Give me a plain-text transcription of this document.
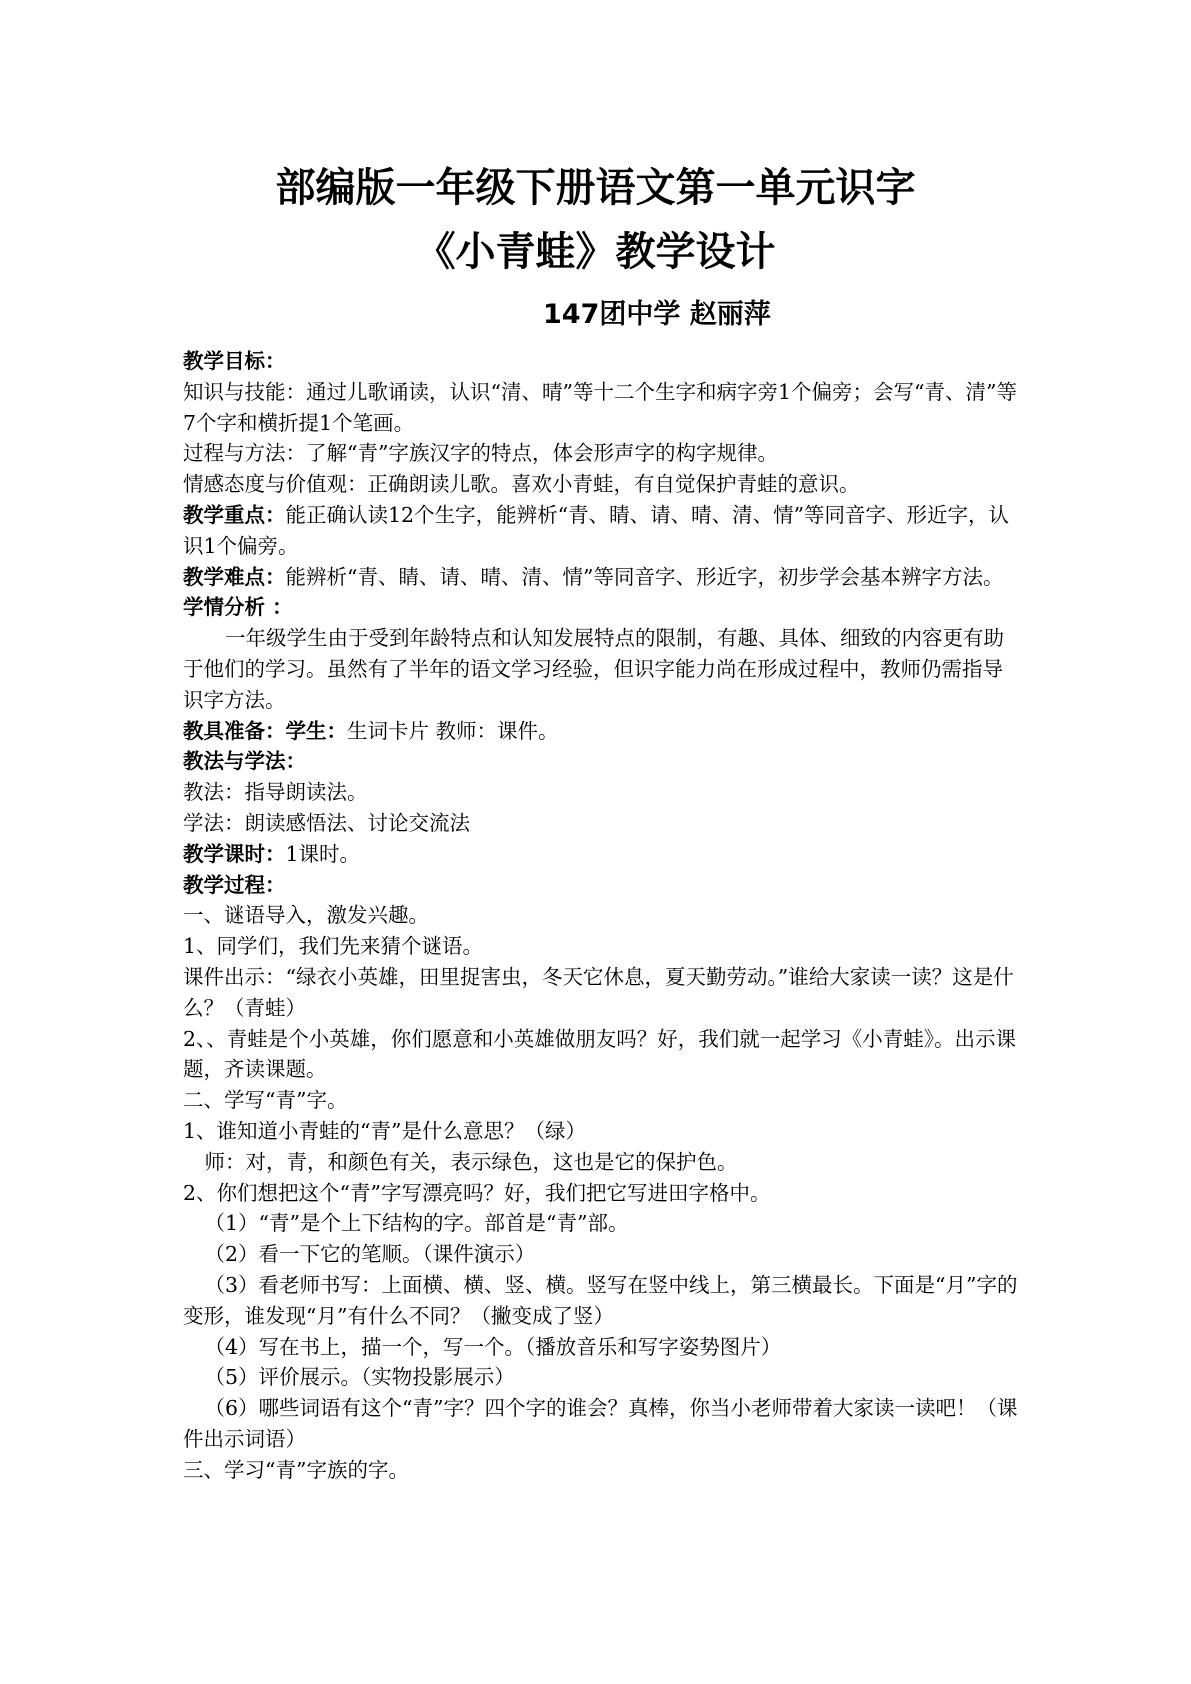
部编版一年级下册语文第一单元识字
《小青蛙》教学设计
147团中学 赵丽萍

教学目标：

知识与技能：通过儿歌诵读，认识“清、晴”等十二个生字和病字旁1个偏旁；会写“青、清”等7个字和横折提1个笔画。

过程与方法：了解“青”字族汉字的特点，体会形声字的构字规律。

情感态度与价值观：正确朗读儿歌。喜欢小青蛙，有自觉保护青蛙的意识。

教学重点：能正确认读12个生字，能辨析“青、睛、请、晴、清、情”等同音字、形近字，认识1个偏旁。

教学难点：能辨析“青、睛、请、晴、清、情”等同音字、形近字，初步学会基本辨字方法。

学情分析 ：

一年级学生由于受到年龄特点和认知发展特点的限制，有趣、具体、细致的内容更有助于他们的学习。虽然有了半年的语文学习经验，但识字能力尚在形成过程中，教师仍需指导识字方法。

教具准备：学生：生词卡片 教师：课件。

教法与学法：

教法：指导朗读法。

学法：朗读感悟法、讨论交流法

教学课时：1课时。

教学过程：

一、谜语导入，激发兴趣。

1、同学们，我们先来猜个谜语。

课件出示：“绿衣小英雄，田里捉害虫，冬天它休息，夏天勤劳动。”谁给大家读一读？这是什么？（青蛙）

2、、青蛙是个小英雄，你们愿意和小英雄做朋友吗？好，我们就一起学习《小青蛙》。出示课题，齐读课题。

二、学写“青”字。

1、谁知道小青蛙的“青”是什么意思？（绿）

师：对，青，和颜色有关，表示绿色，这也是它的保护色。

2、你们想把这个“青”字写漂亮吗？好，我们把它写进田字格中。

（1）“青”是个上下结构的字。部首是“青”部。

（2）看一下它的笔顺。（课件演示）

（3）看老师书写：上面横、横、竖、横。竖写在竖中线上，第三横最长。下面是“月”字的变形，谁发现“月”有什么不同？（撇变成了竖）

（4）写在书上，描一个，写一个。（播放音乐和写字姿势图片）

（5）评价展示。（实物投影展示）

（6）哪些词语有这个“青”字？四个字的谁会？真棒，你当小老师带着大家读一读吧！（课件出示词语）

三、学习“青”字族的字。
